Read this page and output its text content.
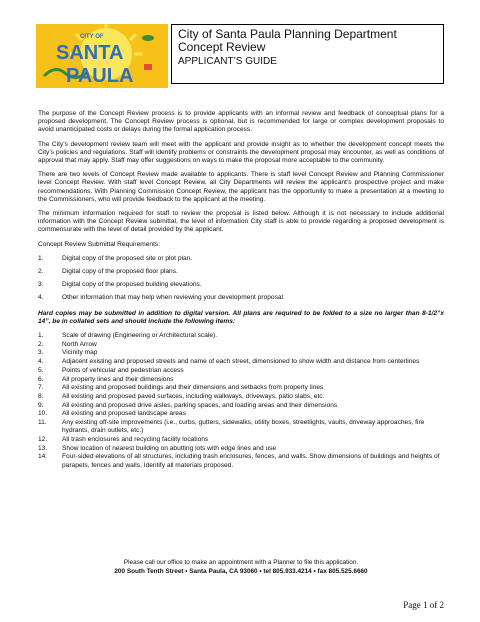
CITY OF
SANTA
PAULA
City of Santa Paula Planning Department
Concept Review
APPLICANT’S GUIDE

The purpose of the Concept Review process is to provide applicants with an informal review and feedback of conceptual plans for a proposed development. The Concept Review process is optional, but is recommended for large or complex development proposals to avoid unanticipated costs or delays during the formal application process.

The City’s development review team will meet with the applicant and provide insight as to whether the development concept meets the City’s policies and regulations. Staff will identify problems or constraints the development proposal may encounter, as well as conditions of approval that may apply. Staff may offer suggestions on ways to make the proposal more acceptable to the community.

There are two levels of Concept Review made available to applicants. There is staff level Concept Review and Planning Commissioner level Concept Review. With staff level Concept Review, all City Departments will review the applicant’s prospective project and make recommendations. With Planning Commission Concept Review, the applicant has the opportunity to make a presentation at a meeting to the Commissioners, who will provide feedback to the applicant at the meeting.

The minimum information required for staff to review the proposal is listed below. Although it is not necessary to include additional information with the Concept Review submittal, the level of information City staff is able to provide regarding a proposed development is commensurate with the level of detail provided by the applicant.

Concept Review Submittal Requirements:
1.	Digital copy of the proposed site or plot plan.
2.	Digital copy of the proposed floor plans.
3.	Digital copy of the proposed building elevations.
4.	Other information that may help when reviewing your development proposal.
Hard copies may be submitted in addition to digital version. All plans are required to be folded to a size no larger than 8-1/2”x 14”, be in collated sets and should include the following items:
1.	Scale of drawing (Engineering or Architectural scale).
2.	North Arrow
3.	Vicinity map
4.	Adjacent existing and proposed streets and name of each street, dimensioned to show width and distance from centerlines
5.	Points of vehicular and pedestrian access
6.	All property lines and their dimensions
7.	All existing and proposed buildings and their dimensions and setbacks from property lines
8.	All existing and proposed paved surfaces, including walkways, driveways, patio slabs, etc.
9.	All existing and proposed drive aisles, parking spaces, and loading areas and their dimensions
10.	All existing and proposed landscape areas
11.	Any existing off-site improvements (i.e., curbs, gutters, sidewalks, utility boxes, streetlights, vaults, driveway approaches, fire hydrants, drain outlets, etc.)
12.	All trash enclosures and recycling facility locations
13.	Show location of nearest building on abutting lots with edge lines and use
14.	Four-sided elevations of all structures, including trash enclosures, fences, and walls. Show dimensions of buildings and heights of parapets, fences and walls. Identify all materials proposed.
Please call our office to make an appointment with a Planner to file this application.
200 South Tenth Street • Santa Paula, CA 93060 • tel 805.933.4214 • fax 805.525.6660
Page 1 of 2
